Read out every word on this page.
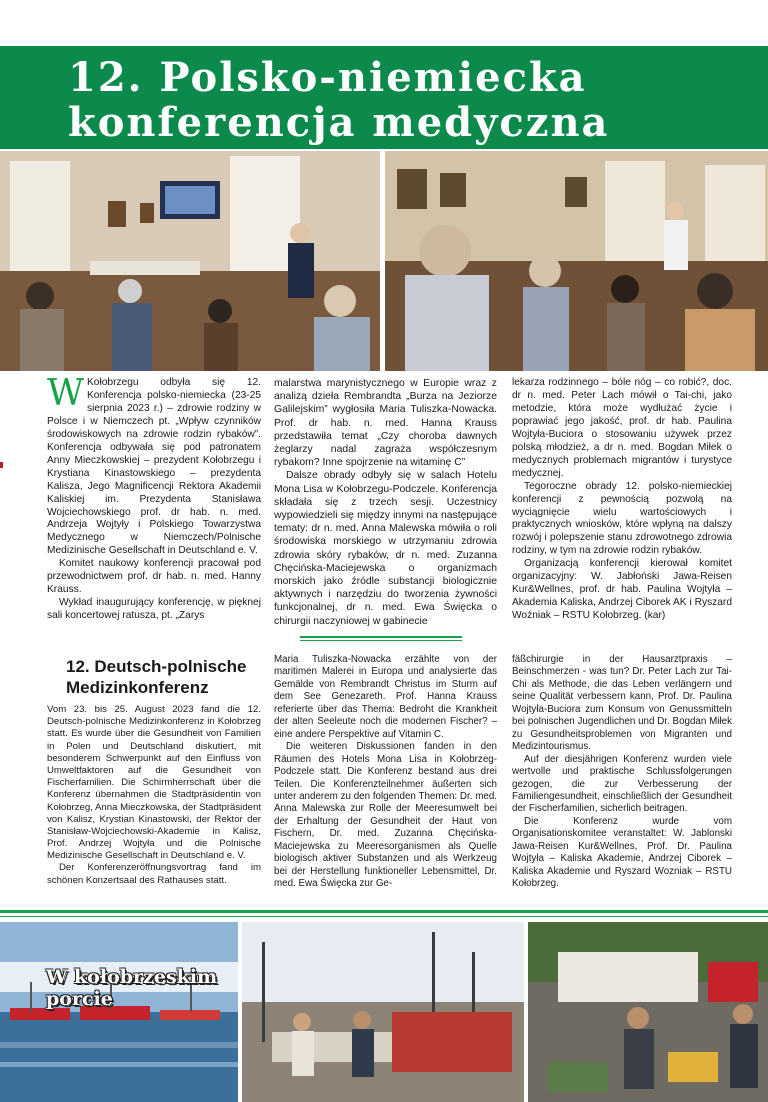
12. Polsko-niemiecka
konferencja medyczna
W Kołobrzegu odbyła się 12. Konferencja polsko-niemiecka (23-25 sierpnia 2023 r.) – zdrowie rodziny w Polsce i w Niemczech pt. „Wpływ czynników środowiskowych na zdrowie rodzin rybaków”. Konferencja odbywała się pod patronatem Anny Mieczkowskiej – prezydent Kołobrzegu i Krystiana Kinastowskiego – prezydenta Kalisza, Jego Magnificencji Rektora Akademii Kaliskiej im. Prezydenta Stanisława Wojciechowskiego prof. dr hab. n. med. Andrzeja Wojtyły i Polskiego Towarzystwa Medycznego w Niemczech/Polnische Medizinische Gesellschaft in Deutschland e. V.

Komitet naukowy konferencji pracował pod przewodnictwem prof. dr hab. n. med. Hanny Krauss.

Wykład inaugurujący konferencję, w pięknej sali koncertowej ratusza, pt. „Zarys

malarstwa marynistycznego w Europie wraz z analizą dzieła Rembrandta „Burza na Jeziorze Galilejskim” wygłosiła Maria Tuliszka-Nowacka. Prof. dr hab. n. med. Hanna Krauss przedstawiła temat „Czy choroba dawnych żeglarzy nadal zagraża współczesnym rybakom? Inne spojrzenie na witaminę C”

Dalsze obrady odbyły się w salach Hotelu Mona Lisa w Kołobrzegu-Podczele. Konferencja składała się z trzech sesji. Uczestnicy wypowiedzieli się między innymi na następujące tematy: dr n. med. Anna Malewska mówiła o roli środowiska morskiego w utrzymaniu zdrowia zdrowia skóry rybaków, dr n. med. Zuzanna Chęcińska-Maciejewska o organizmach morskich jako źródle substancji biologicznie aktywnych i narzędziu do tworzenia żywności funkcjonalnej, dr n. med. Ewa Święcka o chirurgii naczyniowej w gabinecie

lekarza rodzinnego – bóle nóg – co robić?, doc. dr n. med. Peter Lach mówił o Tai-chi, jako metodzie, która może wydłużać życie i poprawiać jego jakość, prof. dr hab. Paulina Wojtyła-Buciora o stosowaniu używek przez polską młodzież, a dr n. med. Bogdan Miłek o medycznych problemach migrantów i turystyce medycznej.

Tegoroczne obrady 12. polsko-niemieckiej konferencji z pewnością pozwolą na wyciągnięcie wielu wartościowych i praktycznych wniosków, które wpłyną na dalszy rozwój i polepszenie stanu zdrowotnego zdrowia rodziny, w tym na zdrowie rodzin rybaków.

Organizacją konferencji kierował komitet organizacyjny: W. Jabłoński Jawa-Reisen Kur&Wellnes, prof. dr hab. Paulina Wojtyła – Akademia Kaliska, Andrzej Ciborek AK i Ryszard Woźniak – RSTU Kołobrzeg. (kar)

12. Deutsch-polnische
Medizinkonferenz

Vom 23. bis 25. August 2023 fand die 12. Deutsch-polnische Medizinkonferenz in Kołobrzeg statt. Es wurde über die Gesundheit von Familien in Polen und Deutschland diskutiert, mit besonderem Schwerpunkt auf den Einfluss von Umweltfaktoren auf die Gesundheit von Fischerfamilien. Die Schirmherrschaft über die Konferenz übernahmen die Stadtpräsidentin von Kołobrzeg, Anna Mieczkowska, der Stadtpräsident von Kalisz, Krystian Kinastowski, der Rektor der Stanisław-Wojciechowski-Akademie in Kalisz, Prof. Andrzej Wojtyła und die Polnische Medizinische Gesellschaft in Deutschland e. V.

Der Konferenzeröffnungsvortrag fand im schönen Konzertsaal des Rathauses statt.

Maria Tuliszka-Nowacka erzählte von der maritimen Malerei in Europa und analysierte das Gemälde von Rembrandt Christus im Sturm auf dem See Genezareth. Prof. Hanna Krauss referierte über das Thema: Bedroht die Krankheit der alten Seeleute noch die modernen Fischer? – eine andere Perspektive auf Vitamin C.

Die weiteren Diskussionen fanden in den Räumen des Hotels Mona Lisa in Kołobrzeg-Podczele statt. Die Konferenz bestand aus drei Teilen. Die Konferenzteilnehmer äußerten sich unter anderem zu den folgenden Themen: Dr. med. Anna Malewska zur Rolle der Meeresumwelt bei der Erhaltung der Gesundheit der Haut von Fischern, Dr. med. Zuzanna Chęcińska-Maciejewska zu Meeresorganismen als Quelle biologisch aktiver Substanzen und als Werkzeug bei der Herstellung funktioneller Lebensmittel, Dr. med. Ewa Święcka zur Ge-

fäßchirurgie in der Hausarztpraxis – Beinschmerzen - was tun? Dr. Peter Lach zur Tai-Chi als Methode, die das Leben verlängern und seine Qualität verbessern kann, Prof. Dr. Paulina Wojtyła-Buciora zum Konsum von Genussmitteln bei polnischen Jugendlichen und Dr. Bogdan Miłek zu Gesundheitsproblemen von Migranten und Medizintourismus.

Auf der diesjährigen Konferenz wurden viele wertvolle und praktische Schlussfolgerungen gezogen, die zur Verbesserung der Familiengesundheit, einschließlich der Gesundheit der Fischerfamilien, sicherlich beitragen.

Die Konferenz wurde vom Organisationskomitee veranstaltet: W. Jablonski Jawa-Reisen Kur&Wellnes, Prof. Dr. Paulina Wojtyła – Kaliska Akademie, Andrzej Ciborek – Kaliska Akademie und Ryszard Wozniak – RSTU Kołobrzeg.

W kołobrzeskim
porcie
